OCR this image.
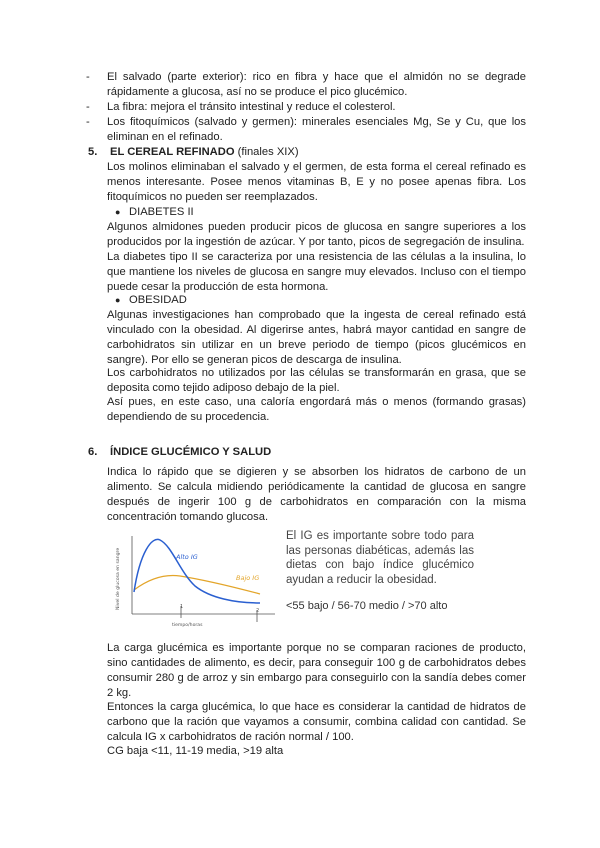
- El salvado (parte exterior): rico en fibra y hace que el almidón no se degrade rápidamente a glucosa, así no se produce el pico glucémico.
- La fibra: mejora el tránsito intestinal y reduce el colesterol.
- Los fitoquímicos (salvado y germen): minerales esenciales Mg, Se y Cu, que los eliminan en el refinado.
5. EL CEREAL REFINADO (finales XIX)

Los molinos eliminaban el salvado y el germen, de esta forma el cereal refinado es menos interesante. Posee menos vitaminas B, E y no posee apenas fibra. Los fitoquímicos no pueden ser reemplazados.

● DIABETES II

Algunos almidones pueden producir picos de glucosa en sangre superiores a los producidos por la ingestión de azúcar. Y por tanto, picos de segregación de insulina.

La diabetes tipo II se caracteriza por una resistencia de las células a la insulina, lo que mantiene los niveles de glucosa en sangre muy elevados. Incluso con el tiempo puede cesar la producción de esta hormona.

● OBESIDAD

Algunas investigaciones han comprobado que la ingesta de cereal refinado está vinculado con la obesidad. Al digerirse antes, habrá mayor cantidad en sangre de carbohidratos sin utilizar en un breve periodo de tiempo (picos glucémicos en sangre). Por ello se generan picos de descarga de insulina.

Los carbohidratos no utilizados por las células se transformarán en grasa, que se deposita como tejido adiposo debajo de la piel.

Así pues, en este caso, una caloría engordará más o menos (formando grasas) dependiendo de su procedencia.

6. ÍNDICE GLUCÉMICO Y SALUD

Indica lo rápido que se digieren y se absorben los hidratos de carbono de un alimento. Se calcula midiendo periódicamente la cantidad de glucosa en sangre después de ingerir 100 g de carbohidratos en comparación con la misma concentración tomando glucosa.

Nivel de glucosa en sangre
tiempo/horas
1
2
Alto IG
Bajo IG
El IG es importante sobre todo para las personas diabéticas, además las dietas con bajo índice glucémico ayudan a reducir la obesidad.
<55 bajo / 56-70 medio / >70 alto

La carga glucémica es importante porque no se comparan raciones de producto, sino cantidades de alimento, es decir, para conseguir 100 g de carbohidratos debes consumir 280 g de arroz y sin embargo para conseguirlo con la sandía debes comer 2 kg.

Entonces la carga glucémica, lo que hace es considerar la cantidad de hidratos de carbono que la ración que vayamos a consumir, combina calidad con cantidad. Se calcula IG x carbohidratos de ración normal / 100.

CG baja <11, 11-19 media, >19 alta
